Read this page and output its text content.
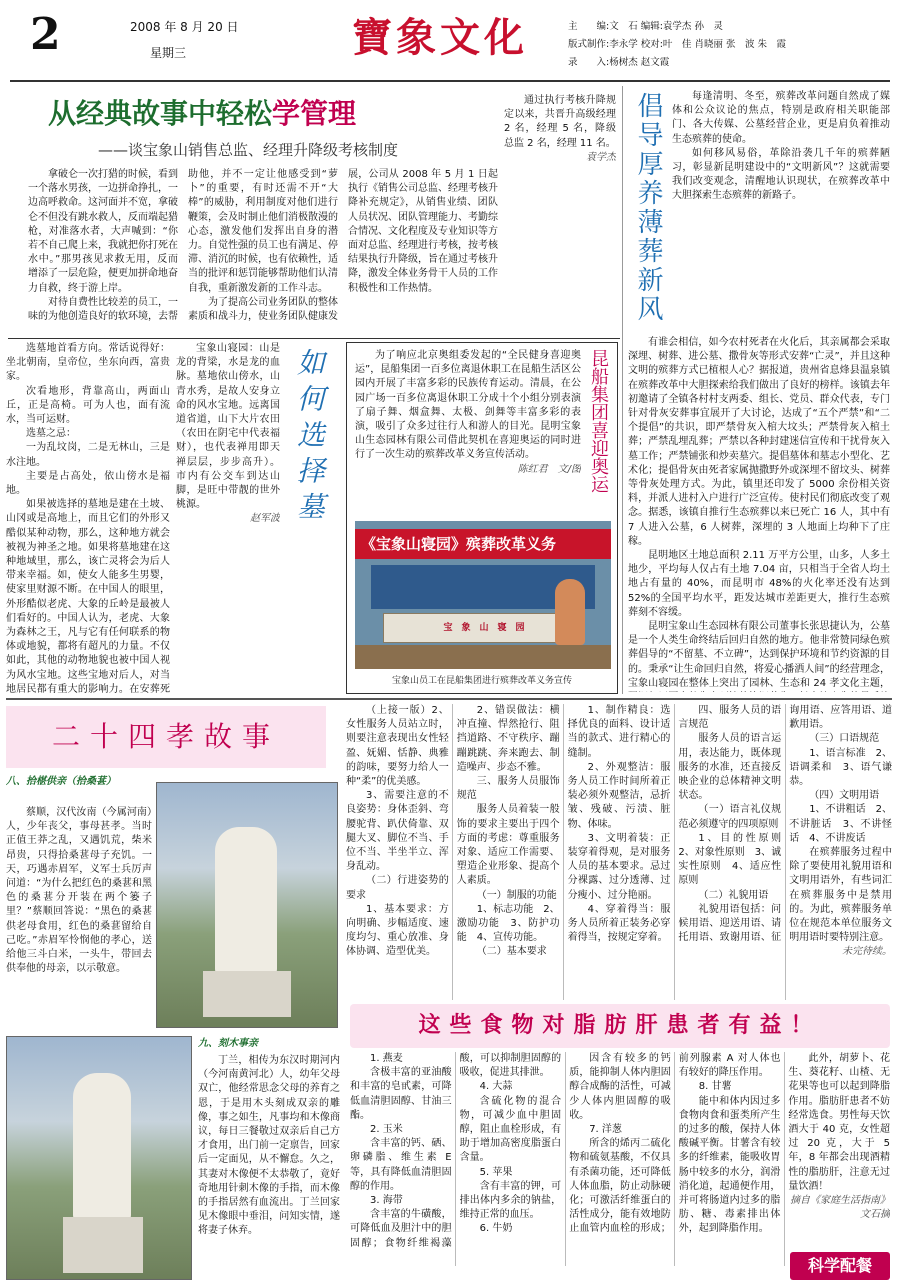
2	2008 年 8 月 20 日
星期三	寶象文化	主　　编:文　石 编辑:袁学杰 孙　灵
版式制作:李永学 校对:叶　佳 肖晓丽 张　波 朱　霞
录　　入:杨树杰 赵文霞
从经典故事中轻松学管理
——谈宝象山销售总监、经理升降级考核制度

拿破仑一次打猎的时候，看到一个落水男孩，一边拼命挣扎，一边高呼救命。这河面并不宽，拿破仑不但没有跳水救人，反而端起猎枪，对准落水者，大声喊到：“你若不自己爬上来，我就把你打死在水中。”那男孩见求救无用，反而增添了一层危险，便更加拼命地奋力自救，终于游上岸。

对待自费性比较差的员工，一味的为他创造良好的软环境，去帮助他，并不一定让他感受到“萝卜”的重要，有时还需不开“大棒”的威胁，利用制度对他们进行鞭策，会及时制止他们消极散漫的心态，激发他们发挥出自身的潜力。自觉性强的员工也有满足、停滞、消沉的时候，也有依赖性，适当的批评和惩罚能够帮助他们认清自我，重新激发新的工作斗志。

为了提高公司业务团队的整体素质和战斗力，使业务团队健康发展，公司从 2008 年 5 月 1 日起执行《销售公司总监、经理考核升降补充规定》，从销售业绩、团队人员状况、团队管理能力、考勤综合情况、文化程度及专业知识等方面对总监、经理进行考核，按考核结果执行升降级，旨在通过考核升降，激发全体业务骨干人员的工作积极性和工作热情。

通过执行考核升降规定以来，共晋升高级经理 2 名，经理 5 名，降级总监 2 名，经理 11 名。

袁学杰

倡导厚养薄葬新风

每逢清明、冬至，殡葬改革问题自然成了媒体和公众议论的焦点，特别是政府相关职能部门、各大传媒、公墓经营企业，更是肩负着推动生态殡葬的使命。

如何移风易俗，革除沿袭几千年的殡葬陋习，彰显新昆明建设中的“文明新风”？这就需要我们改变观念，清醒地认识现状，在殡葬改革中大胆探索生态殡葬的新路子。

有谁会相信，如今农村死者在火化后，其亲属都会采取深埋、树葬、进公墓、撒骨灰等形式安葬“亡灵”，并且这种文明的殡葬方式已植根人心？据报道，贵州省息烽县温泉镇在殡葬改革中大胆探索给我们做出了良好的榜样。该镇去年初邀请了全镇各村村支两委、组长、党员、群众代表，专门针对骨灰安葬事宜展开了大讨论，达成了“五个严禁”和“二个提倡”的共识，即严禁骨灰入棺大坟头；严禁骨灰入棺土葬；严禁乱埋乱葬；严禁以各种封建迷信宣传和干扰骨灰入墓工作；严禁铺张和炒卖墓穴。提倡墓体和墓志小型化、艺术化；提倡骨灰由死者家属抛撒野外或深埋不留坟头、树葬等骨灰处理方式。为此，镇里还印发了 5000 余份相关资料，并派人进村入户进行广泛宣传。使村民们彻底改变了观念。据悉，该镇自推行生态殡葬以来已死亡 16 人，其中有 7 人进入公墓，6 人树葬，深埋的 3 人地面上均种下了庄稼。

昆明地区土地总面积 2.11 万平方公里，山多，人多土地少，平均每人仅占有土地 7.04 亩，只相当于全省人均土地占有量的 40%，而昆明市 48%的火化率还没有达到 52%的全国平均水平，距发达城市差距更大，推行生态殡葬刻不容缓。

昆明宝象山生态园林有限公司董事长张思捷认为，公墓是一个人类生命终结后回归自然的地方。他非常赞同绿色殡葬倡导的“不留墓、不立碑”，达到保护环境和节约资源的目的。秉承“让生命回归自然，将爱心播洒人间”的经营理念，宝象山寝园在整体上突出了园林、生态和 24 孝文化主题，

选墓地首看方向。常话说得好：坐北朝南，皇帝位，坐东向西，富贵家。

次看地形，背靠高山，两面山丘，正是高椅。可为人也，面有流水，当可运财。

选墓之忌：

一为乱坟岗，二是无林山，三是水注地。

主要是占高处，依山傍水是福地。

如果被选择的墓地是建在土坡、山冈或是高地上，而且它们的外形又酷似某种动物，那么，这种地方就会被视为神圣之地。如果将墓地建在这种地域里，那么，该亡灵将会为后人带来幸福。如，使女人能多生男婴，使家里财源不断。在中国人的眼里，外形酷似老虎、大象的丘岭是最被人们看好的。中国人认为，老虎、大象为森林之王，凡与它有任何联系的物体或地貌，都将有超凡的力量。不仅如此，其他的动物地貌也被中国人视为风水宝地。这些宝地对后人，对当地居民都有重大的影响力。在安葬死

如何选择墓

宝象山寝园：山是龙的背梁，水是龙的血脉。墓地依山傍水，山青水秀，是故人安身立命的风水宝地。远离国道省道，山下大片农田（农田在阴宅中代表福财），也代表禅用即天禅层层，步步高升）。市内有公交车到达山脚，是旺中带靓的世外桃源。

赵军波

为了响应北京奥组委发起的“全民健身喜迎奥运”，昆船集团一百多位离退休职工在昆船生活区公园内开展了丰富多彩的民族传育运动。清晨，在公园广场一百多位离退休职工分成十个小组分别表演了扇子舞、烟盒舞、太极、剑舞等丰富多彩的表演，吸引了众多过往行人和游人的目光。昆明宝象山生态园林有限公司借此契机在喜迎奥运的同时进行了一次生动的殡葬改革义务宣传活动。

陈红君　文/图 昆船集团喜迎奥运
《宝象山寝园》殡葬改革义务
宝　象　山　寝　园
宝象山员工在昆船集团进行殡葬改革义务宣传
二十四孝故事
八、拾椹供亲（拾桑葚）

蔡顺，汉代汝南（今属河南）人，少年丧父，事母甚孝。当时正值王莽之乱，又遇饥荒，柴米昂贵，只得拾桑葚母子充饥。一天，巧遇赤眉军，义军士兵厉声问道：“为什么把红色的桑葚和黑色的桑葚分开装在两个篓子里？”蔡顺回答说：“黑色的桑葚供老母食用，红色的桑葚留给自己吃。”赤眉军怜悯他的孝心，送给他三斗白米，一头牛，带回去供奉他的母亲，以示敬意。

九、刻木事亲

丁兰，相传为东汉时期河内（今河南黄河北）人，幼年父母双亡，他经常思念父母的养育之恩，于是用木头刻成双亲的雕像，事之如生，凡事均和木像商议，每日三餐敬过双亲后自己方才食用，出门前一定禀告，回家后一定面见，从不懈怠。久之，其妻对木像便不太恭敬了，竟好奇地用针刺木像的手指，而木像的手指居然有血流出。丁兰回家见木像眼中垂泪，问知实情，遂将妻子休弃。

（上接一版）2、女性服务人员站立时，则要注意表现出女性轻盈、妩媚、恬静、典雅的韵味，要努力给人一种“柔”的优美感。

3、需要注意的不良姿势：身体歪斜、弯腰驼背、趴伏倚靠、双腿大叉、脚位不当、手位不当、半坐半立、浑身乱动。

（二）行进姿势的要求

1、基本要求：方向明确、步幅适度、速度均匀、重心放准、身体协调、造型优美。

2、错误做法：横冲直撞、悍然抢行、阻挡道路、不守秩序、蹦蹦跳跳、奔来跑去、制造噪声、步态不雅。

三、服务人员服饰规范

服务人员着装一般饰的要求主要出于四个方面的考虑：尊重服务对象、适应工作需要、塑造企业形象、提高个人素质。

（一）制服的功能

1、标志功能　2、激励功能　3、防护功能　4、宣传功能。

（二）基本要求

1、制作精良：选择优良的面料、设计适当的款式、进行精心的缝制。

2、外观整洁：服务人员工作时间所着正装必须外观整洁，忌折皱、残破、污渍、脏物、体味。

3、文明着装：正装穿着得观，是对服务人员的基本要求。忌过分裸露、过分透薄、过分瘦小、过分艳丽。

4、穿着得当：服务人员所着正装务必穿着得当，按规定穿着。

四、服务人员的语言规范

服务人员的语言运用，表达能力，既体现服务的水准，还直接反映企业的总体精神文明状态。

（一）语言礼仪规范必须遵守的四项原则

1、目的性原则　2、对象性原则　3、诚实性原则　4、适应性原则

（二）礼貌用语

礼貌用语包括：问候用语、迎送用语、请托用语、致谢用语、征询用语、应答用语、道歉用语。

（三）口语规范

1、语言标准　2、语调柔和　3、语气谦恭。

（四）文明用语

1、不讲粗话　2、不讲脏话　3、不讲怪话　4、不讲废话

在殡葬服务过程中除了要使用礼貌用语和文明用语外，有些词汇在殡葬服务中是禁用的。为此，殡葬服务单位在规范本单位服务文明用语时要特别注意。

未完待续。

这些食物对脂肪肝患者有益！

1. 燕麦

含极丰富的亚油酸和丰富的皂甙素，可降低血清胆固醇、甘油三酯。

2. 玉米

含丰富的钙、硒、卵磷脂、维生素 E 等，具有降低血清胆固醇的作用。

3. 海带

含丰富的牛磺酸，可降低血及胆汁中的胆固醇；食物纤维褐藻酸，可以抑制胆固醇的吸收，促进其排泄。

4. 大蒜

含硫化物的混合物，可减少血中胆固醇，阻止血栓形成，有助于增加高密度脂蛋白含量。

5. 苹果

含有丰富的钾，可排出体内多余的钠盐，维持正常的血压。

6. 牛奶

因含有较多的钙质，能抑制人体内胆固醇合成酶的活性，可减少人体内胆固醇的吸收。

7. 洋葱

所含的烯丙二硫化物和硫氨基酸，不仅具有杀菌功能，还可降低人体血脂，防止动脉硬化；可激活纤维蛋白的活性成分，能有效地防止血管内血栓的形成；前列腺素 A 对人体也有较好的降压作用。

8. 甘薯

能中和体内因过多食物肉食和蛋类所产生的过多的酸，保持人体酸碱平衡。甘薯含有较多的纤维素，能吸收胃肠中较多的水分，润滑消化道，起通便作用，并可将肠道内过多的脂肪、糖、毒素排出体外，起到降脂作用。

此外，胡萝卜、花生、葵花籽、山楂、无花果等也可以起到降脂作用。脂肪肝患者不妨经常选食。男性每天饮酒大于 40 克，女性超过 20 克，大于 5 年，8 年都会出现酒精性的脂肪肝，注意无过量饮酒！

摘自《家庭生活指南》文石摘

科学配餐
